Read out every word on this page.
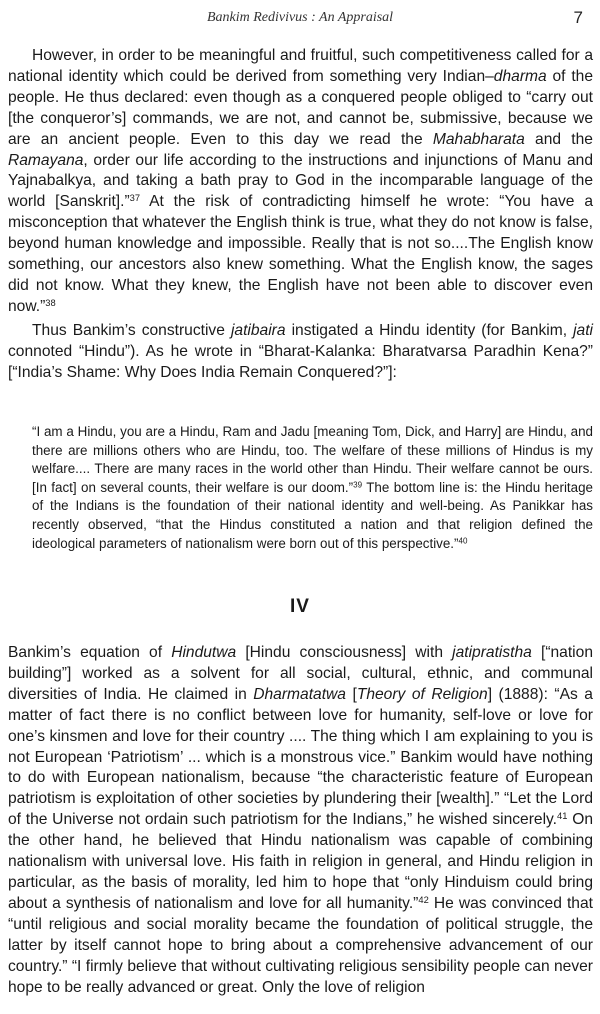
Bankim Redivivus : An Appraisal	7

However, in order to be meaningful and fruitful, such competitiveness called for a national identity which could be derived from something very Indian–dharma of the people. He thus declared: even though as a conquered people obliged to “carry out [the conqueror’s] commands, we are not, and cannot be, submissive, because we are an ancient people. Even to this day we read the Mahabharata and the Ramayana, order our life according to the instructions and injunctions of Manu and Yajnabalkya, and taking a bath pray to God in the incomparable language of the world [Sanskrit].”$^{37}$ At the risk of contradicting himself he wrote: “You have a misconception that whatever the English think is true, what they do not know is false, beyond human knowledge and impossible. Really that is not so....The English know something, our ancestors also knew something. What the English know, the sages did not know. What they knew, the English have not been able to discover even now.”$^{38}$

Thus Bankim’s constructive jatibaira instigated a Hindu identity (for Bankim, jati connoted “Hindu”). As he wrote in “Bharat-Kalanka: Bharatvarsa Paradhin Kena?” [“India’s Shame: Why Does India Remain Conquered?”]:

“I am a Hindu, you are a Hindu, Ram and Jadu [meaning Tom, Dick, and Harry] are Hindu, and there are millions others who are Hindu, too. The welfare of these millions of Hindus is my welfare.... There are many races in the world other than Hindu. Their welfare cannot be ours. [In fact] on several counts, their welfare is our doom.”$^{39}$ The bottom line is: the Hindu heritage of the Indians is the foundation of their national identity and well-being. As Panikkar has recently observed, “that the Hindus constituted a nation and that religion defined the ideological parameters of nationalism were born out of this perspective.”$^{40}$
IV

Bankim’s equation of Hindutwa [Hindu consciousness] with jatipratistha [“nation building”] worked as a solvent for all social, cultural, ethnic, and communal diversities of India. He claimed in Dharmatatwa [Theory of Religion] (1888): “As a matter of fact there is no conflict between love for humanity, self-love or love for one’s kinsmen and love for their country .... The thing which I am explaining to you is not European ‘Patriotism’ ... which is a monstrous vice.” Bankim would have nothing to do with European nationalism, because “the characteristic feature of European patriotism is exploitation of other societies by plundering their [wealth].” “Let the Lord of the Universe not ordain such patriotism for the Indians,” he wished sincerely.$^{41}$ On the other hand, he believed that Hindu nationalism was capable of combining nationalism with universal love. His faith in religion in general, and Hindu religion in particular, as the basis of morality, led him to hope that “only Hinduism could bring about a synthesis of nationalism and love for all humanity.”$^{42}$ He was convinced that “until religious and social morality became the foundation of political struggle, the latter by itself cannot hope to bring about a comprehensive advancement of our country.” “I firmly believe that without cultivating religious sensibility people can never hope to be really advanced or great. Only the love of religion
